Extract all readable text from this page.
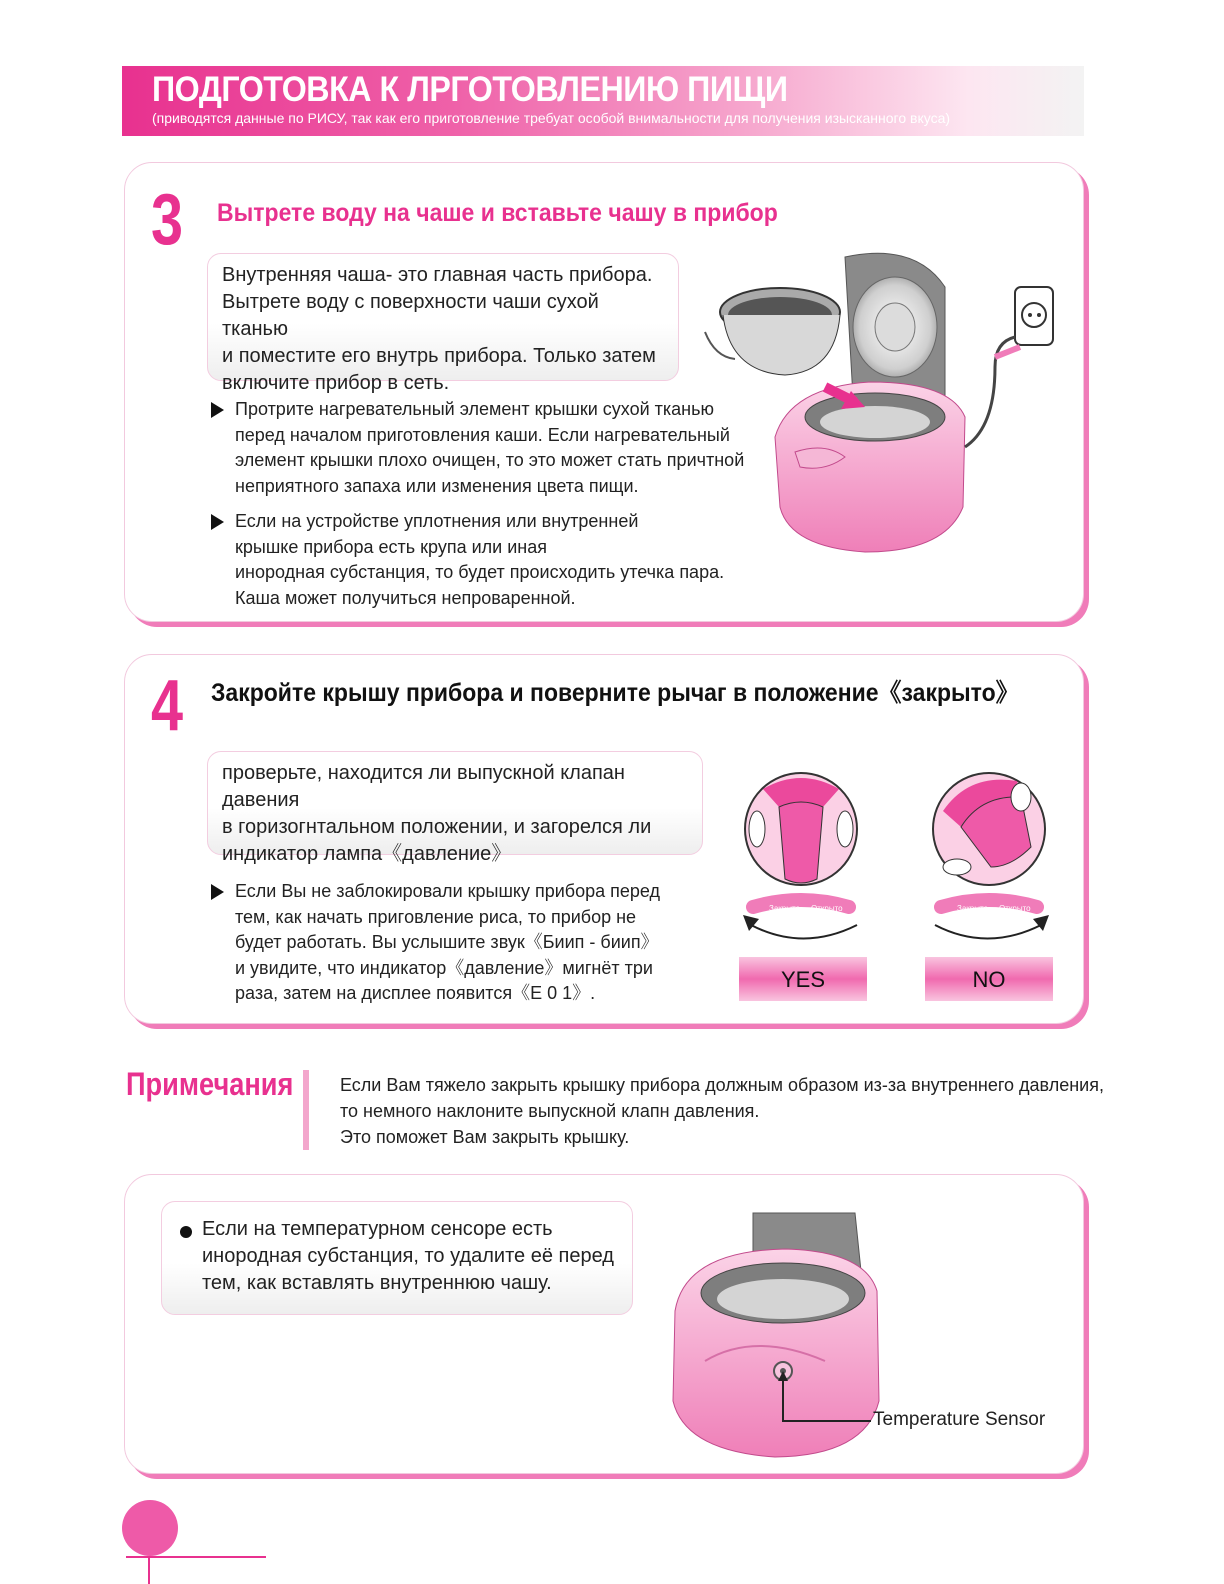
ПОДГОТОВКА К ЛРГОТОВЛЕНИЮ ПИЩИ
(приводятся данные по РИСУ, так как его приготовление требуат особой внимальности для получения изысканного вкуса)
3 Вытрете воду на чаше и вставьте чашу в прибор
Внутренняя чаша- это главная часть прибора.
Вытрете воду с поверхности чаши сухой тканью
и поместите его внутрь прибора. Только затем
включите прибор в сеть.
Протрите нагревательный элемент крышки сухой тканью
перед началом приготовления каши. Если нагревательный
элемент крышки плохо очищен, то это может стать причтной
неприятного запаха или изменения цвета пищи.
Если на устройстве уплотнения или внутренней
крышке прибора есть крупа или иная
инородная субстанция, то будет происходить утечка пара.
Каша может получиться непроваренной.
4 Закройте крышу прибора и поверните рычаг в положение《закрыто》
проверьте, находится ли выпускной клапан давения
в горизогнтальном положении, и загорелся ли
индикатор лампа《давление》
Если Вы не заблокировали крышку прибора перед
тем, как начать пригoвление риса, то прибор не
будет работать. Вы услышите звук《Биип - биип》
и увидите, что индикатор《давление》мигнёт три
раза, затем на дисплее появится《E 0 1》.
Закрыто Открыто	Закрыто Открыто
YES	NO
Примечания	Если Вам тяжело закрыть крышку прибора должным образом из-за внутреннего давления,
то немного наклоните выпускной клапн давления.
Это поможет Вам закрыть крышку.
Если на температурном сенсоре есть
инородная субстанция, то удалите её перед
тем, как вставлять внутреннюю чашу.
Temperature Sensor
